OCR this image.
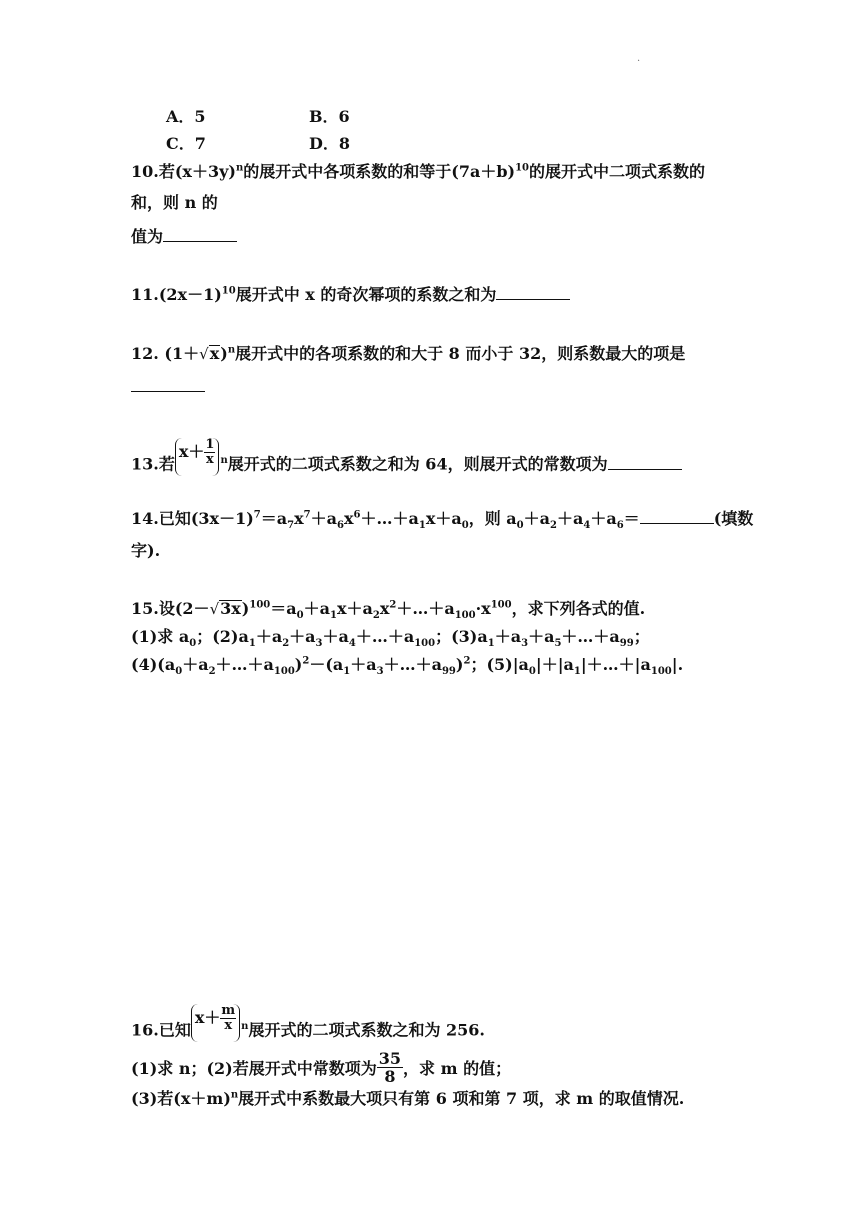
·
A．5	B．6
C．7	D．8
10.若$(x+3y)^n$的展开式中各项系数的和等于$(7a+b)^{10}$的展开式中二项式系数的
和，则 n 的
值为
$11.(2x-1)^{10}$展开式中 x 的奇次幂项的系数之和为
12. $(1+√x)^n$展开式中的各项系数的和大于 8 而小于 32，则系数最大的项是
13.若$x+ \frac{1}{x} ^n$展开式的二项式系数之和为 64，则展开式的常数项为
14.已知$(3x-1)^7=a_7x^7+a_6x^6+\dots+a_1x+a_0$，则 $a_0+a_2+a_4+a_6=$	(填数
字).
15.设$(2-√3x)^{100}=a_0+a_1x+a_2x^2+\dots+a_{100}\cdot x^{100}$，求下列各式的值.
(1)求 $a_0$；$(2)a_1+a_2+a_3+a_4+\dots+a_{100}$；$(3)a_1+a_3+a_5+\dots+a_{99}$；
$(4)(a_0+a_2+\dots+a_{100})^2-(a_1+a_3+\dots+a_{99})^2$；$(5)|a_0|+|a_1|+\dots+|a_{100}|$.
16.已知$x+ \frac{m}{x} ^n$展开式的二项式系数之和为 256.
(1)求 n；(2)若展开式中常数项为 $\frac{35}{8}$ ，求 m 的值；
(3)若$(x+m)^n$展开式中系数最大项只有第 6 项和第 7 项，求 m 的取值情况.
